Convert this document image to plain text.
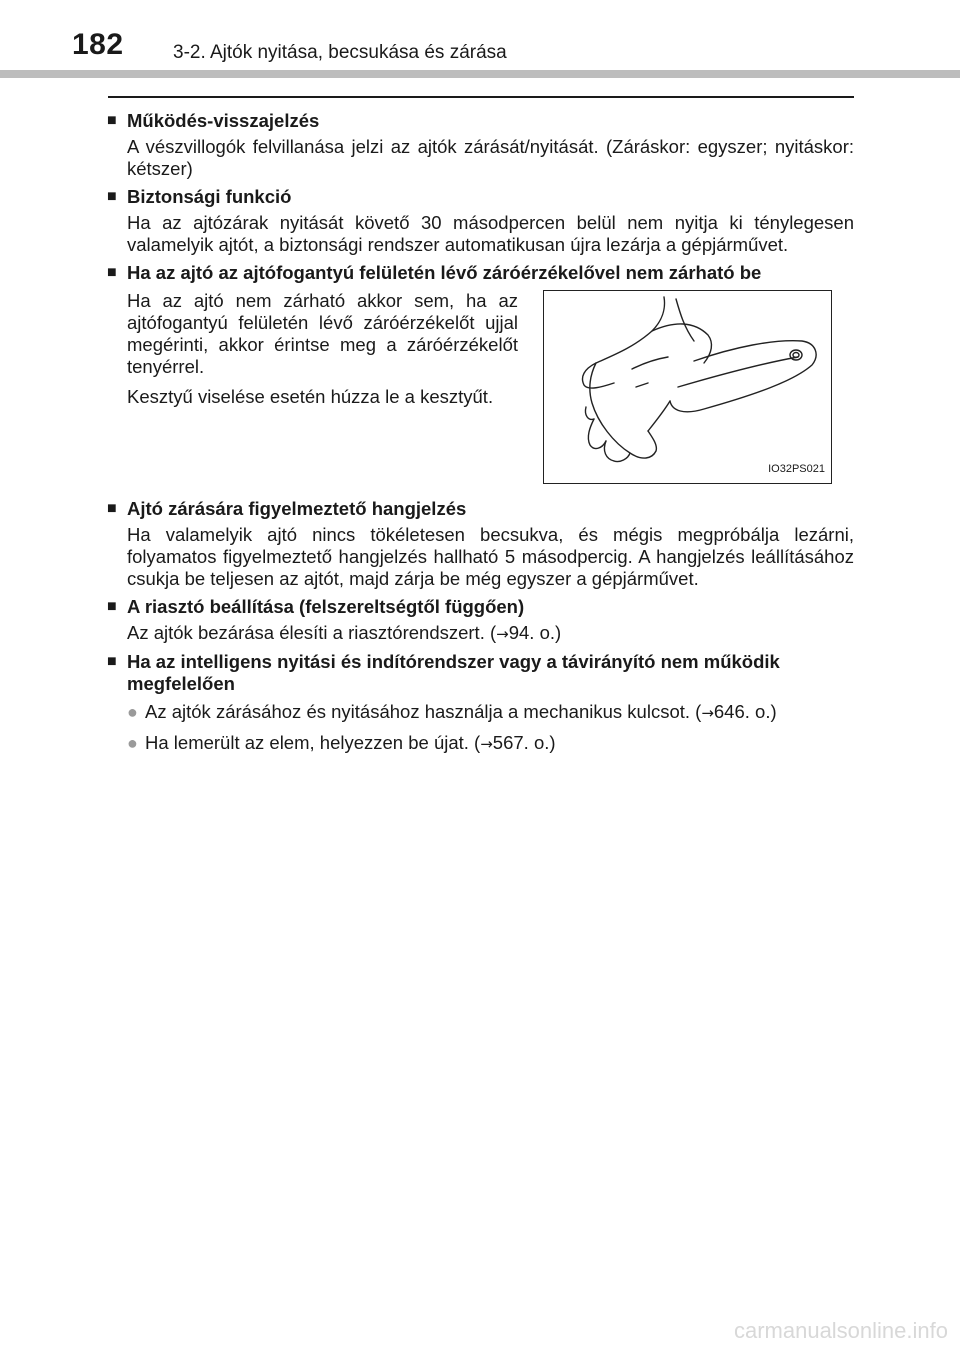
182	3-2. Ajtók nyitása, becsukása és zárása
■ Működés-visszajelzés
A vészvillogók felvillanása jelzi az ajtók zárását/nyitását. (Záráskor: egyszer; nyitáskor: kétszer)
■ Biztonsági funkció
Ha az ajtózárak nyitását követő 30 másodpercen belül nem nyitja ki ténylegesen valamelyik ajtót, a biztonsági rendszer automatikusan újra lezárja a gépjárművet.
■ Ha az ajtó az ajtófogantyú felületén lévő záróérzékelővel nem zárható be

Ha az ajtó nem zárható akkor sem, ha az ajtófogantyú felületén lévő záróérzékelőt ujjal megérinti, akkor érintse meg a záróérzékelőt tenyérrel.

Kesztyű viselése esetén húzza le a kesztyűt.

IO32PS021
■ Ajtó zárására figyelmeztető hangjelzés
Ha valamelyik ajtó nincs tökéletesen becsukva, és mégis megpróbálja lezárni, folyamatos figyelmeztető hangjelzés hallható 5 másodpercig. A hangjelzés leállításához csukja be teljesen az ajtót, majd zárja be még egyszer a gépjárművet.
■ A riasztó beállítása (felszereltségtől függően)
Az ajtók bezárása élesíti a riasztórendszert. (→94. o.)
■ Ha az intelligens nyitási és indítórendszer vagy a távirányító nem működik megfelelően
● Az ajtók zárásához és nyitásához használja a mechanikus kulcsot. (→646. o.)
● Ha lemerült az elem, helyezzen be újat. (→567. o.)
carmanualsonline.info
